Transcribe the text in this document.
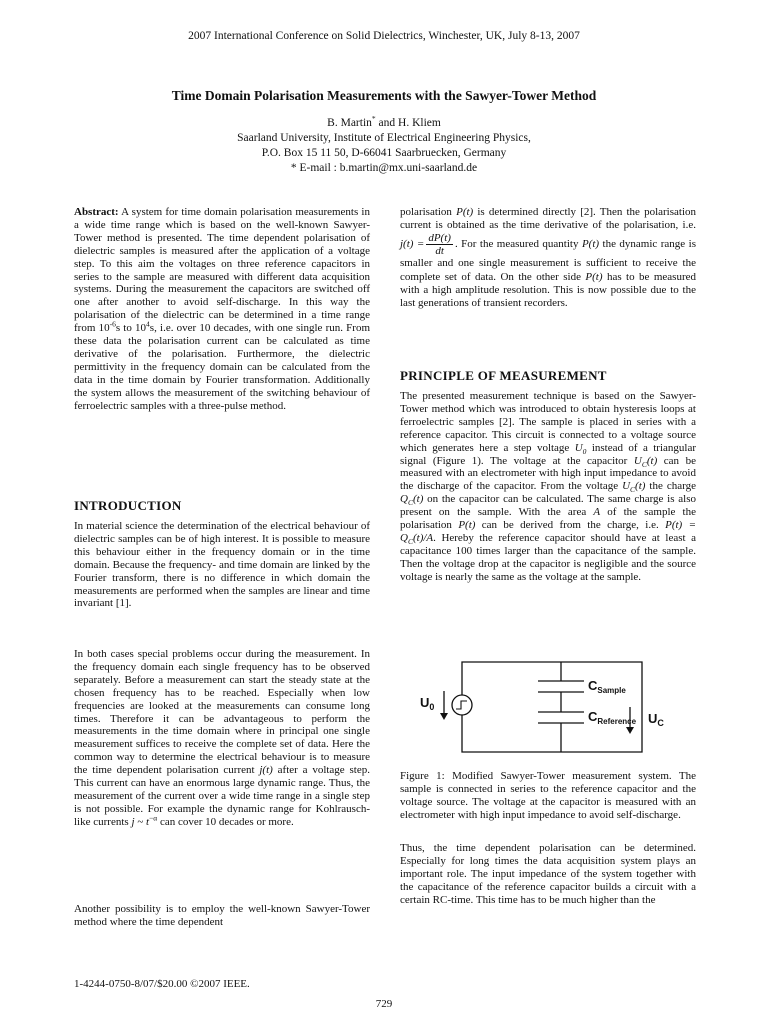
2007 International Conference on Solid Dielectrics, Winchester, UK, July 8-13, 2007
Time Domain Polarisation Measurements with the Sawyer-Tower Method
B. Martin* and H. Kliem
Saarland University, Institute of Electrical Engineering Physics,
P.O. Box 15 11 50, D-66041 Saarbruecken, Germany
* E-mail : b.martin@mx.uni-saarland.de

Abstract: A system for time domain polarisation measurements in a wide time range which is based on the well-known Sawyer-Tower method is presented. The time dependent polarisation of dielectric samples is measured after the application of a voltage step. To this aim the voltages on three reference capacitors in series to the sample are measured with different data acquisition systems. During the measurement the capacitors are switched off one after another to avoid self-discharge. In this way the polarisation of the dielectric can be determined in a time range from $10^{-6}s$ to $10^4s$, i.e. over 10 decades, with one single run. From these data the polarisation current can be calculated as time derivative of the polarisation. Furthermore, the dielectric permittivity in the frequency domain can be calculated from the data in the time domain by Fourier transformation. Additionally the system allows the measurement of the switching behaviour of ferroelectric samples with a three-pulse method.

INTRODUCTION

In material science the determination of the electrical behaviour of dielectric samples can be of high interest. It is possible to measure this behaviour either in the frequency domain or in the time domain. Because the frequency- and time domain are linked by the Fourier transform, there is no difference in which domain the measurements are performed when the samples are linear and time invariant [1].

In both cases special problems occur during the measurement. In the frequency domain each single frequency has to be observed separately. Before a measurement can start the steady state at the chosen frequency has to be reached. Especially when low frequencies are looked at the measurements can consume long times. Therefore it can be advantageous to perform the measurements in the time domain where in principal one single measurement suffices to receive the complete set of data. Here the common way to determine the electrical behaviour is to measure the time dependent polarisation current j(t) after a voltage step. This current can have an enormous large dynamic range. Thus, the measurement of the current over a wide time range in a single step is not possible. For example the dynamic range for Kohlrausch-like currents j ~ $t^{-\alpha}$ can cover 10 decades or more.

Another possibility is to employ the well-known Sawyer-Tower method where the time dependent

polarisation P(t) is determined directly [2]. Then the polarisation current is obtained as the time derivative of the polarisation, i.e. $j(t) = \frac{dP(t)}{dt}$ . For the measured quantity P(t) the dynamic range is smaller and one single measurement is sufficient to receive the complete set of data. On the other side P(t) has to be measured with a high amplitude resolution. This is now possible due to the last generations of transient recorders.

PRINCIPLE OF MEASUREMENT

The presented measurement technique is based on the Sawyer-Tower method which was introduced to obtain hysteresis loops at ferroelectric samples [2]. The sample is placed in series with a reference capacitor. This circuit is connected to a voltage source which generates here a step voltage $U_0$ instead of a triangular signal (Figure 1). The voltage at the capacitor $U_C(t)$ can be measured with an electrometer with high input impedance to avoid the discharge of the capacitor. From the voltage $U_C(t)$ the charge $Q_C(t)$ on the capacitor can be calculated. The same charge is also present on the sample. With the area A of the sample the polarisation P(t) can be derived from the charge, i.e. $P(t) = Q_C(t)/A$. Hereby the reference capacitor should have at least a capacitance 100 times larger than the capacitance of the sample. Then the voltage drop at the capacitor is negligible and the source voltage is nearly the same as the voltage at the sample.

$U_0$
$C_{Sample}$
$C_{Reference}$ $U_C$

Figure 1: Modified Sawyer-Tower measurement system. The sample is connected in series to the reference capacitor and the voltage source. The voltage at the capacitor is measured with an electrometer with high input impedance to avoid self-discharge.

Thus, the time dependent polarisation can be determined. Especially for long times the data acquisition system plays an important role. The input impedance of the system together with the capacitance of the reference capacitor builds a circuit with a certain RC-time. This time has to be much higher than the

1-4244-0750-8/07/$20.00 ©2007 IEEE.
729
